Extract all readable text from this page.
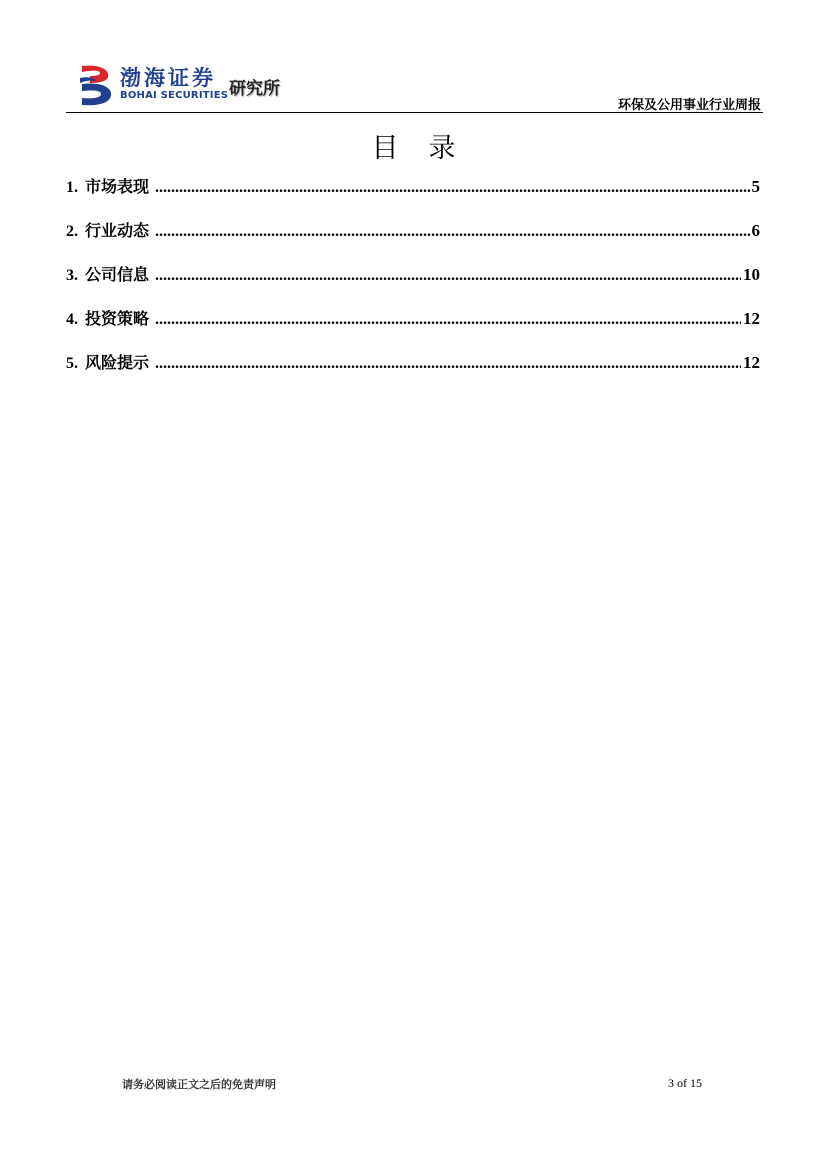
渤海证券
BOHAI SECURITIES 研究所
环保及公用事业行业周报
目录
1. 市场表现 .....	5
2. 行业动态 .....	6
3. 公司信息 .....	10
4. 投资策略 .....	12
5. 风险提示 .....	12
请务必阅读正文之后的免责声明	3 of 15
